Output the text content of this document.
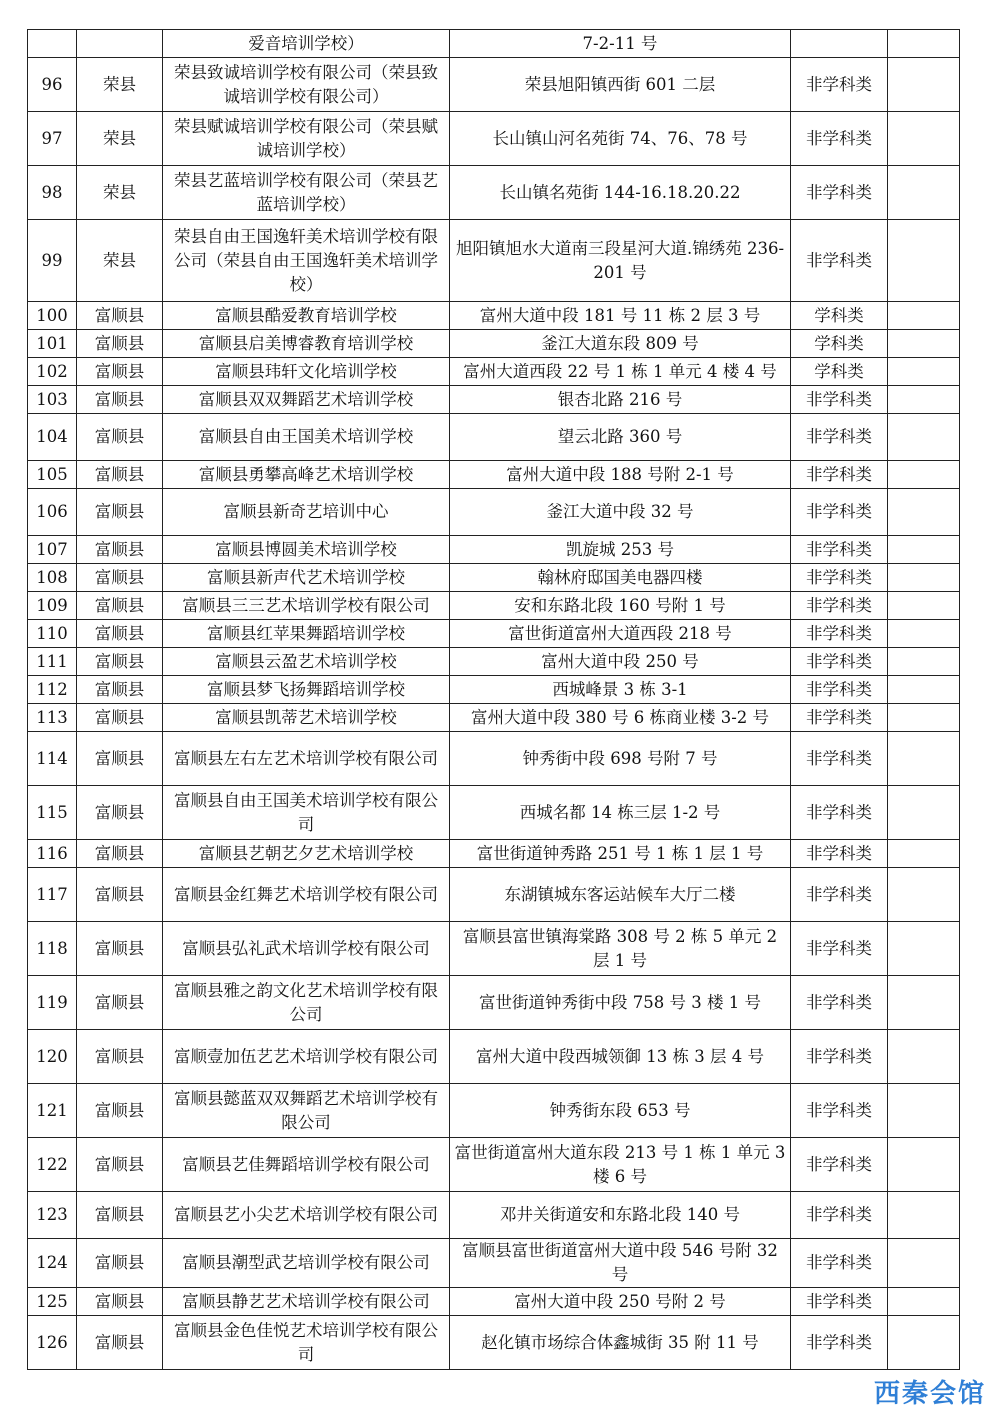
		爱音培训学校）	7-2-11 号		
96	荣县	荣县致诚培训学校有限公司（荣县致诚培训学校有限公司）	荣县旭阳镇西街 601 二层	非学科类	
97	荣县	荣县赋诚培训学校有限公司（荣县赋诚培训学校）	长山镇山河名苑街 74、76、78 号	非学科类	
98	荣县	荣县艺蓝培训学校有限公司（荣县艺蓝培训学校）	长山镇名苑街 144-16.18.20.22	非学科类	
99	荣县	荣县自由王国逸轩美术培训学校有限公司（荣县自由王国逸轩美术培训学校）	旭阳镇旭水大道南三段星河大道.锦绣苑 236-201 号	非学科类	
100	富顺县	富顺县酷爱教育培训学校	富州大道中段 181 号 11 栋 2 层 3 号	学科类	
101	富顺县	富顺县启美博睿教育培训学校	釜江大道东段 809 号	学科类	
102	富顺县	富顺县玮轩文化培训学校	富州大道西段 22 号 1 栋 1 单元 4 楼 4 号	学科类	
103	富顺县	富顺县双双舞蹈艺术培训学校	银杏北路 216 号	非学科类	
104	富顺县	富顺县自由王国美术培训学校	望云北路 360 号	非学科类	
105	富顺县	富顺县勇攀高峰艺术培训学校	富州大道中段 188 号附 2-1 号	非学科类	
106	富顺县	富顺县新奇艺培训中心	釜江大道中段 32 号	非学科类	
107	富顺县	富顺县博圆美术培训学校	凯旋城 253 号	非学科类	
108	富顺县	富顺县新声代艺术培训学校	翰林府邸国美电器四楼	非学科类	
109	富顺县	富顺县三三艺术培训学校有限公司	安和东路北段 160 号附 1 号	非学科类	
110	富顺县	富顺县红苹果舞蹈培训学校	富世街道富州大道西段 218 号	非学科类	
111	富顺县	富顺县云盈艺术培训学校	富州大道中段 250 号	非学科类	
112	富顺县	富顺县梦飞扬舞蹈培训学校	西城峰景 3 栋 3-1	非学科类	
113	富顺县	富顺县凯蒂艺术培训学校	富州大道中段 380 号 6 栋商业楼 3-2 号	非学科类	
114	富顺县	富顺县左右左艺术培训学校有限公司	钟秀街中段 698 号附 7 号	非学科类	
115	富顺县	富顺县自由王国美术培训学校有限公司	西城名都 14 栋三层 1-2 号	非学科类	
116	富顺县	富顺县艺朝艺夕艺术培训学校	富世街道钟秀路 251 号 1 栋 1 层 1 号	非学科类	
117	富顺县	富顺县金红舞艺术培训学校有限公司	东湖镇城东客运站候车大厅二楼	非学科类	
118	富顺县	富顺县弘礼武术培训学校有限公司	富顺县富世镇海棠路 308 号 2 栋 5 单元 2 层 1 号	非学科类	
119	富顺县	富顺县雅之韵文化艺术培训学校有限公司	富世街道钟秀街中段 758 号 3 楼 1 号	非学科类	
120	富顺县	富顺壹加伍艺艺术培训学校有限公司	富州大道中段西城领御 13 栋 3 层 4 号	非学科类	
121	富顺县	富顺县懿蓝双双舞蹈艺术培训学校有限公司	钟秀街东段 653 号	非学科类	
122	富顺县	富顺县艺佳舞蹈培训学校有限公司	富世街道富州大道东段 213 号 1 栋 1 单元 3 楼 6 号	非学科类	
123	富顺县	富顺县艺小尖艺术培训学校有限公司	邓井关街道安和东路北段 140 号	非学科类	
124	富顺县	富顺县潮型武艺培训学校有限公司	富顺县富世街道富州大道中段 546 号附 32 号	非学科类	
125	富顺县	富顺县静艺艺术培训学校有限公司	富州大道中段 250 号附 2 号	非学科类	
126	富顺县	富顺县金色佳悦艺术培训学校有限公司	赵化镇市场综合体鑫城街 35 附 11 号	非学科类	
西秦会馆
